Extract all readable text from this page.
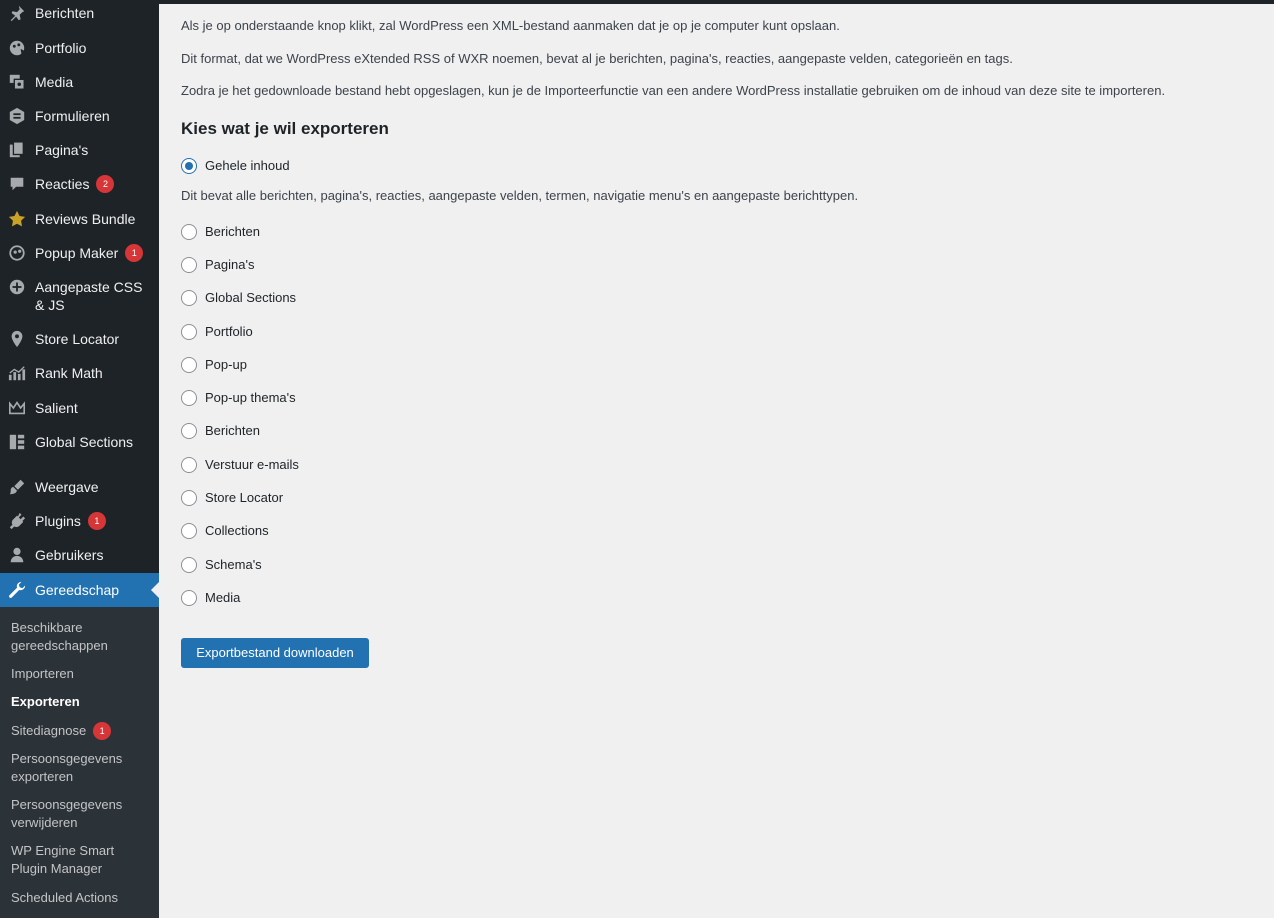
Berichten
Portfolio
Media
Formulieren
Pagina's
Reacties 2
Reviews Bundle
Popup Maker 1
Aangepaste CSS & JS
Store Locator
Rank Math
Salient
Global Sections
Weergave
Plugins 1
Gebruikers
Gereedschap
Beschikbare gereedschappen
Importeren
Exporteren
Sitediagnose 1
Persoonsgegevens exporteren
Persoonsgegevens verwijderen
WP Engine Smart Plugin Manager
Scheduled Actions

Als je op onderstaande knop klikt, zal WordPress een XML-bestand aanmaken dat je op je computer kunt opslaan.

Dit format, dat we WordPress eXtended RSS of WXR noemen, bevat al je berichten, pagina's, reacties, aangepaste velden, categorieën en tags.

Zodra je het gedownloade bestand hebt opgeslagen, kun je de Importeerfunctie van een andere WordPress installatie gebruiken om de inhoud van deze site te importeren.

Kies wat je wil exporteren
Gehele inhoud

Dit bevat alle berichten, pagina's, reacties, aangepaste velden, termen, navigatie menu's en aangepaste berichttypen.

Berichten
Pagina's
Global Sections
Portfolio
Pop-up
Pop-up thema's
Berichten
Verstuur e-mails
Store Locator
Collections
Schema's
Media
Exportbestand downloaden
